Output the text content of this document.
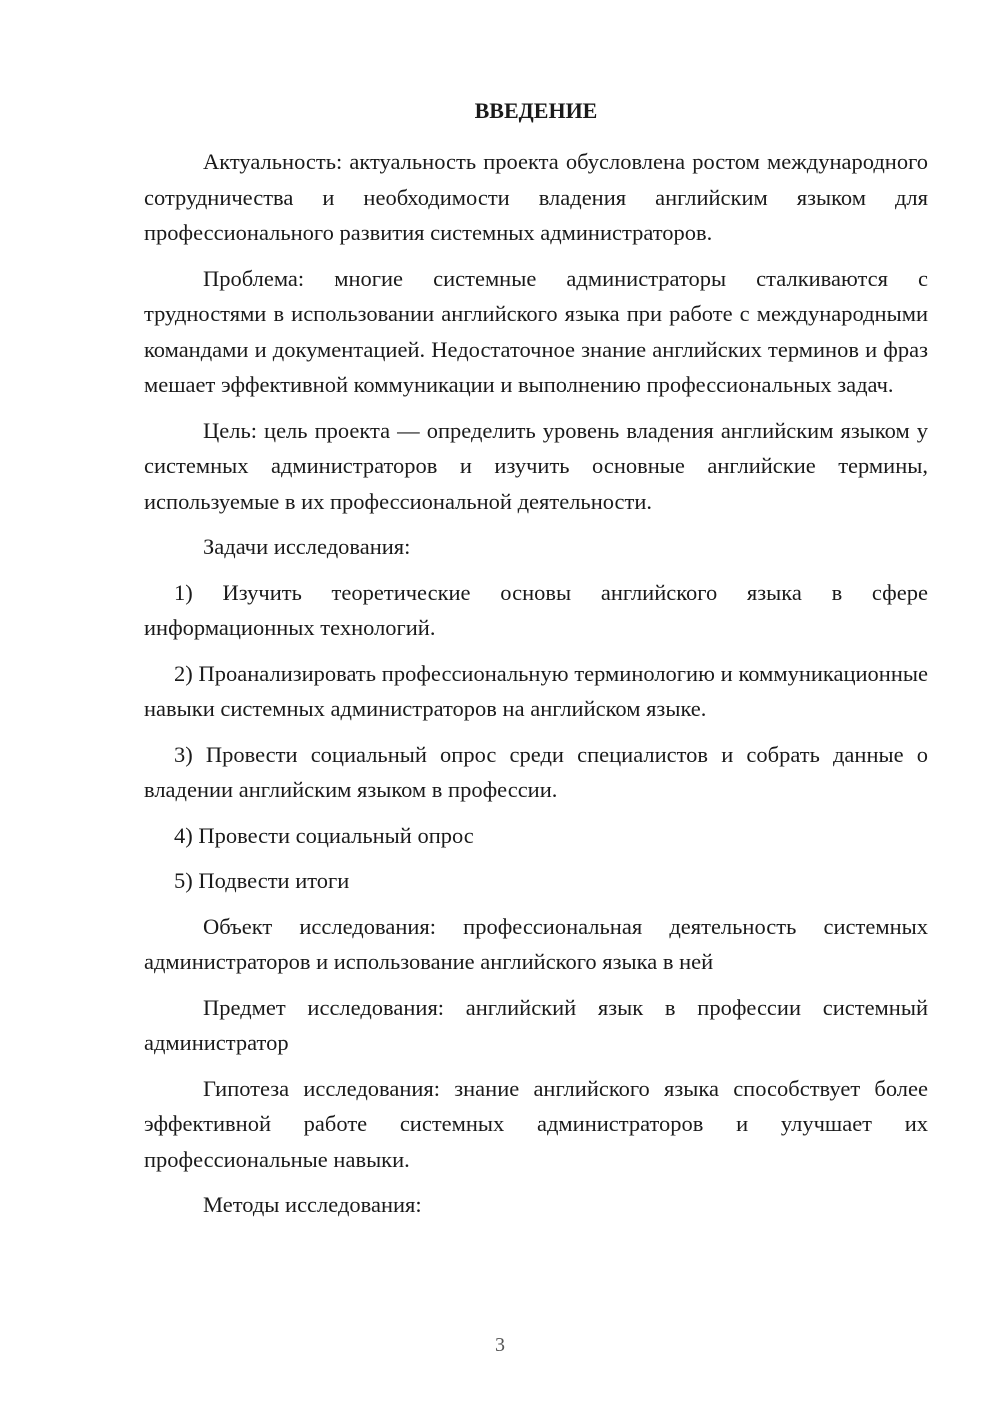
ВВЕДЕНИЕ
Актуальность: актуальность проекта обусловлена ростом международного сотрудничества и необходимости владения английским языком для профессионального развития системных администраторов.
Проблема: многие системные администраторы сталкиваются с трудностями в использовании английского языка при работе с международными командами и документацией. Недостаточное знание английских терминов и фраз мешает эффективной коммуникации и выполнению профессиональных задач.
Цель: цель проекта — определить уровень владения английским языком у системных администраторов и изучить основные английские термины, используемые в их профессиональной деятельности.
Задачи исследования:
1) Изучить теоретические основы английского языка в сфере информационных технологий.
2) Проанализировать профессиональную терминологию и коммуникационные навыки системных администраторов на английском языке.
3) Провести социальный опрос среди специалистов и собрать данные о владении английским языком в профессии.
4) Провести социальный опрос
5) Подвести итоги
Объект исследования: профессиональная деятельность системных администраторов и использование английского языка в ней
Предмет исследования: английский язык в профессии системный администратор
Гипотеза исследования: знание английского языка способствует более эффективной работе системных администраторов и улучшает их профессиональные навыки.
Методы исследования:
3
